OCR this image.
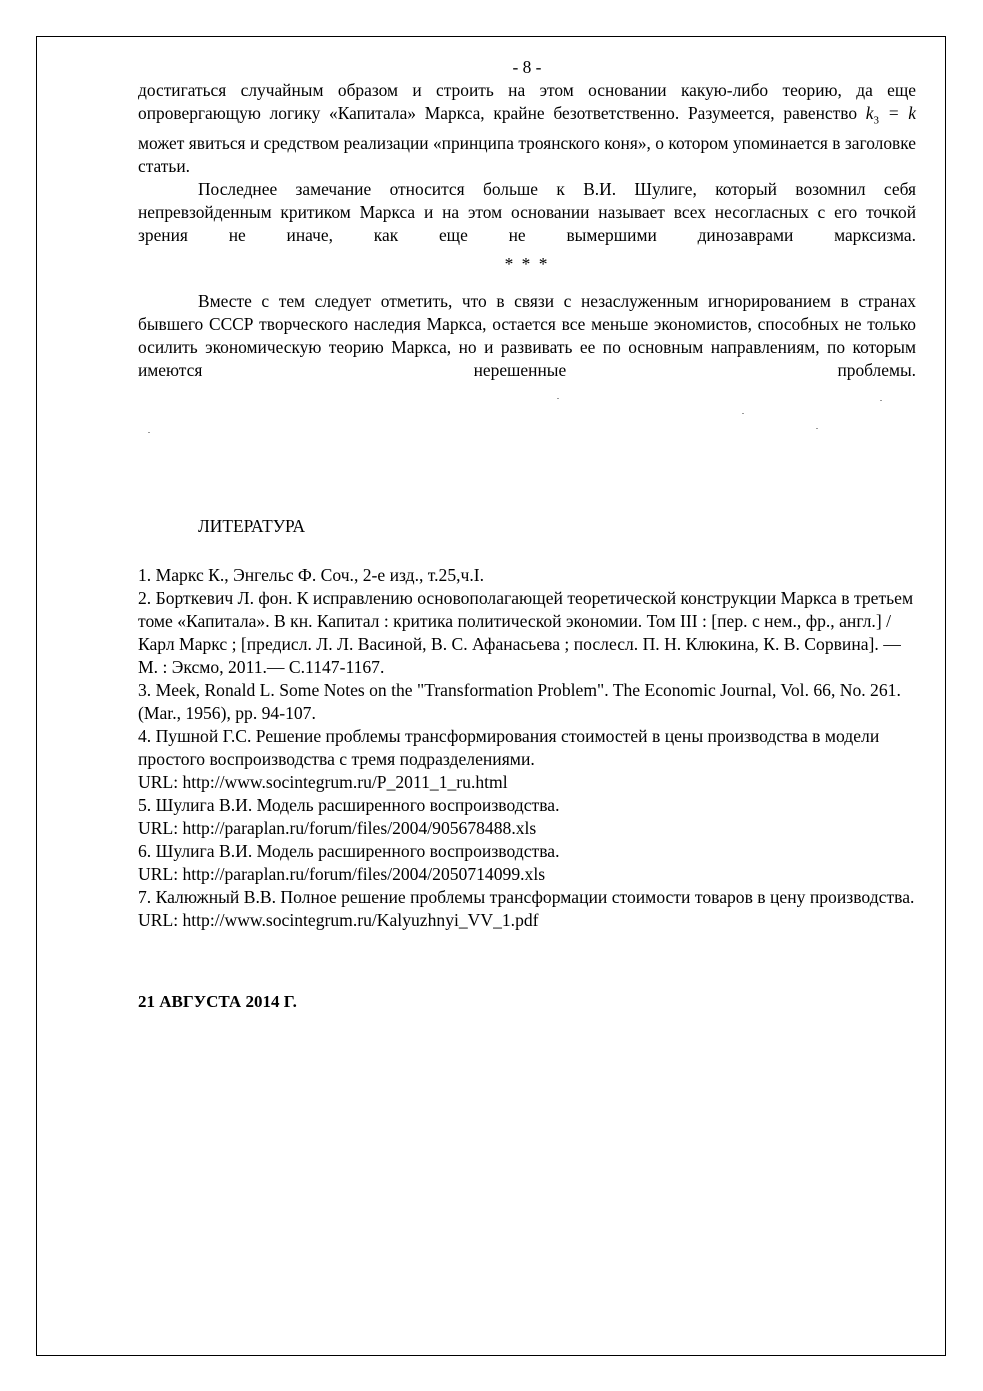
- 8 -

достигаться случайным образом и строить на этом основании какую-либо теорию, да еще опровергающую логику «Капитала» Маркса, крайне безответственно. Разумеется, равенство $k_3 = k$ может явиться и средством реализации «принципа троянского коня», о котором упоминается в заголовке статьи.

Последнее замечание относится больше к В.И. Шулиге, который возомнил себя непревзойденным критиком Маркса и на этом основании называет всех несогласных с его точкой зрения не иначе, как еще не вымершими динозаврами марксизма.

* * *

Вместе с тем следует отметить, что в связи с незаслуженным игнорированием в странах бывшего СССР творческого наследия Маркса, остается все меньше экономистов, способных не только осилить экономическую теорию Маркса, но и развивать ее по основным направлениям, по которым имеются нерешенные проблемы.

ЛИТЕРАТУРА
1. Маркс К., Энгельс Ф. Соч., 2-е изд., т.25,ч.I.
2. Борткевич Л. фон. К исправлению основополагающей теоретической конструкции Маркса в третьем томе «Капитала». В кн. Капитал : критика политической экономии. Том III : [пер. с нем., фр., англ.] / Карл Маркс ; [предисл. Л. Л. Васиной, В. С. Афанасьева ; послесл. П. Н. Клюкина, К. В. Сорвина]. — М. : Эксмо, 2011.— С.1147-1167.
3. Meek, Ronald L. Some Notes on the "Transformation Problem". The Economic Journal, Vol. 66, No. 261. (Mar., 1956), pp. 94-107.
4. Пушной Г.С. Решение проблемы трансформирования стоимостей в цены производства в модели простого воспроизводства с тремя подразделениями.
URL: http://www.socintegrum.ru/P_2011_1_ru.html
5. Шулига В.И. Модель расширенного воспроизводства.
URL: http://paraplan.ru/forum/files/2004/905678488.xls
6. Шулига В.И. Модель расширенного воспроизводства.
URL: http://paraplan.ru/forum/files/2004/2050714099.xls
7. Калюжный В.В. Полное решение проблемы трансформации стоимости товаров в цену производства. URL: http://www.socintegrum.ru/Kalyuzhnyi_VV_1.pdf
21 АВГУСТА 2014 Г.
